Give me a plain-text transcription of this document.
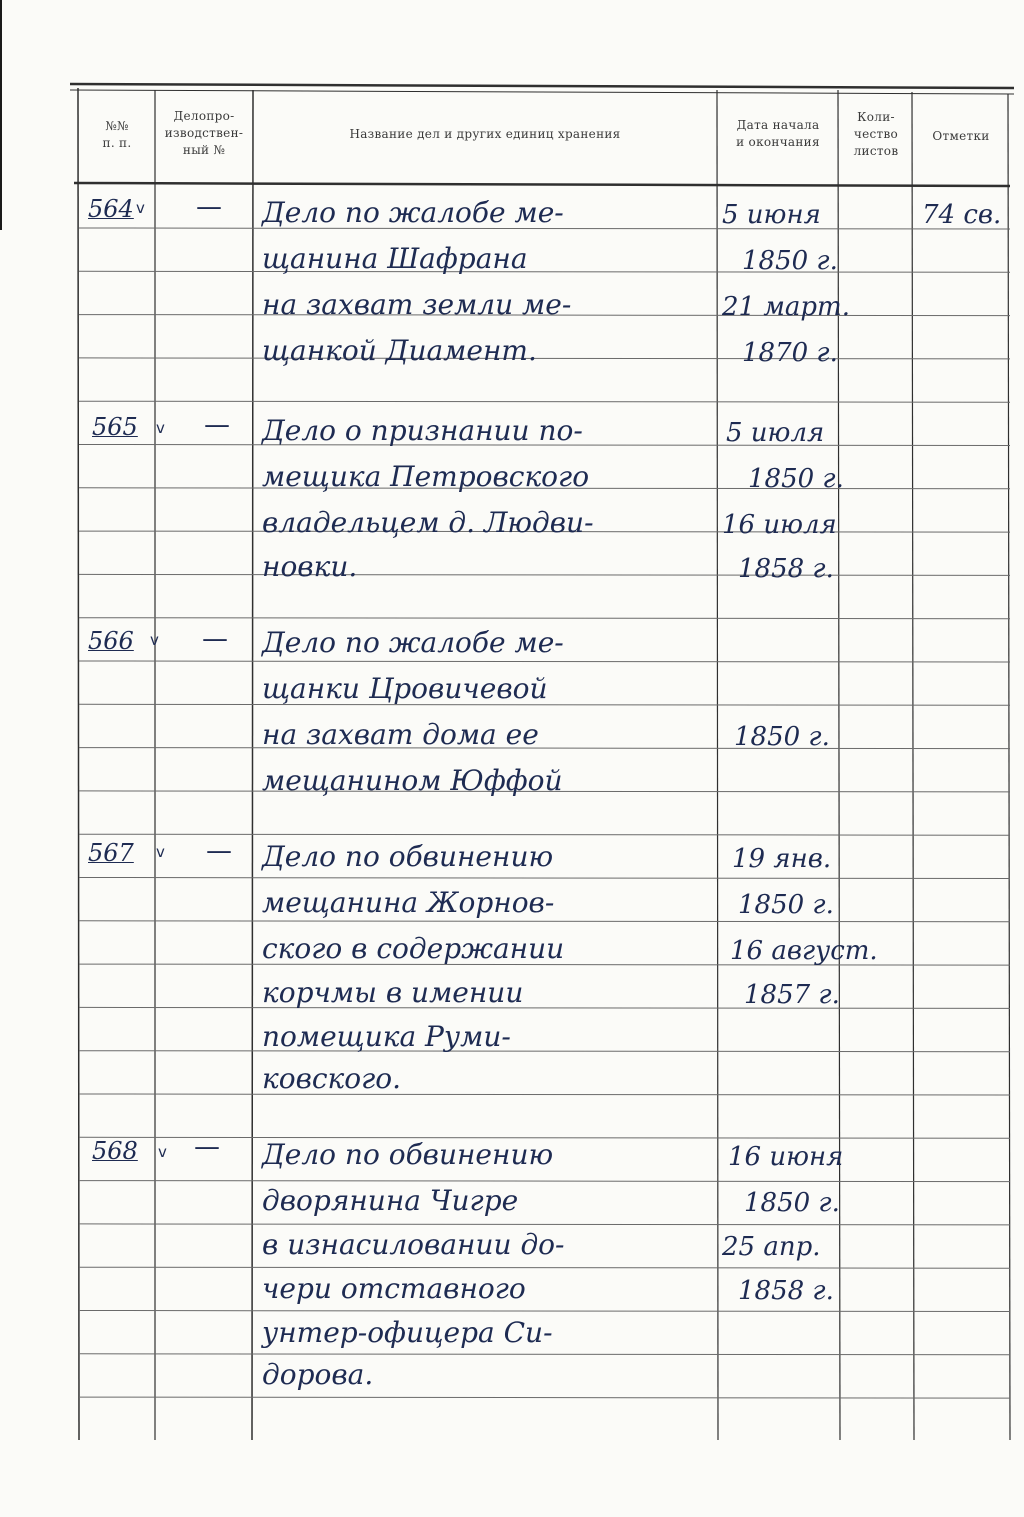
№№
п. п.
Делопро-
изводствен-
ный №
Название дел и других единиц хранения
Дата начала
и окончания
Коли-
чество
листов
Отметки
564 v — Дело по жалобе ме-
щанина Шафрана
на захват земли ме-
щанкой Диамент.
5 июня
1850 г.
21 март.
1870 г.
74 св.
565 v — Дело о признании по-
мещика Петровского
владельцем д. Людви-
новки.
5 июля
1850 г.
16 июля
1858 г.
566 v — Дело по жалобе ме-
щанки Цровичевой
на захват дома ее
мещанином Юффой
1850 г.
567 v — Дело по обвинению
мещанина Жорнов-
ского в содержании
корчмы в имении
помещика Руми-
ковского.
19 янв.
1850 г.
16 август.
1857 г.
568 v — Дело по обвинению
дворянина Чигре
в изнасиловании до-
чери отставного
унтер-офицера Си-
дорова.
16 июня
1850 г.
25 апр.
1858 г.
